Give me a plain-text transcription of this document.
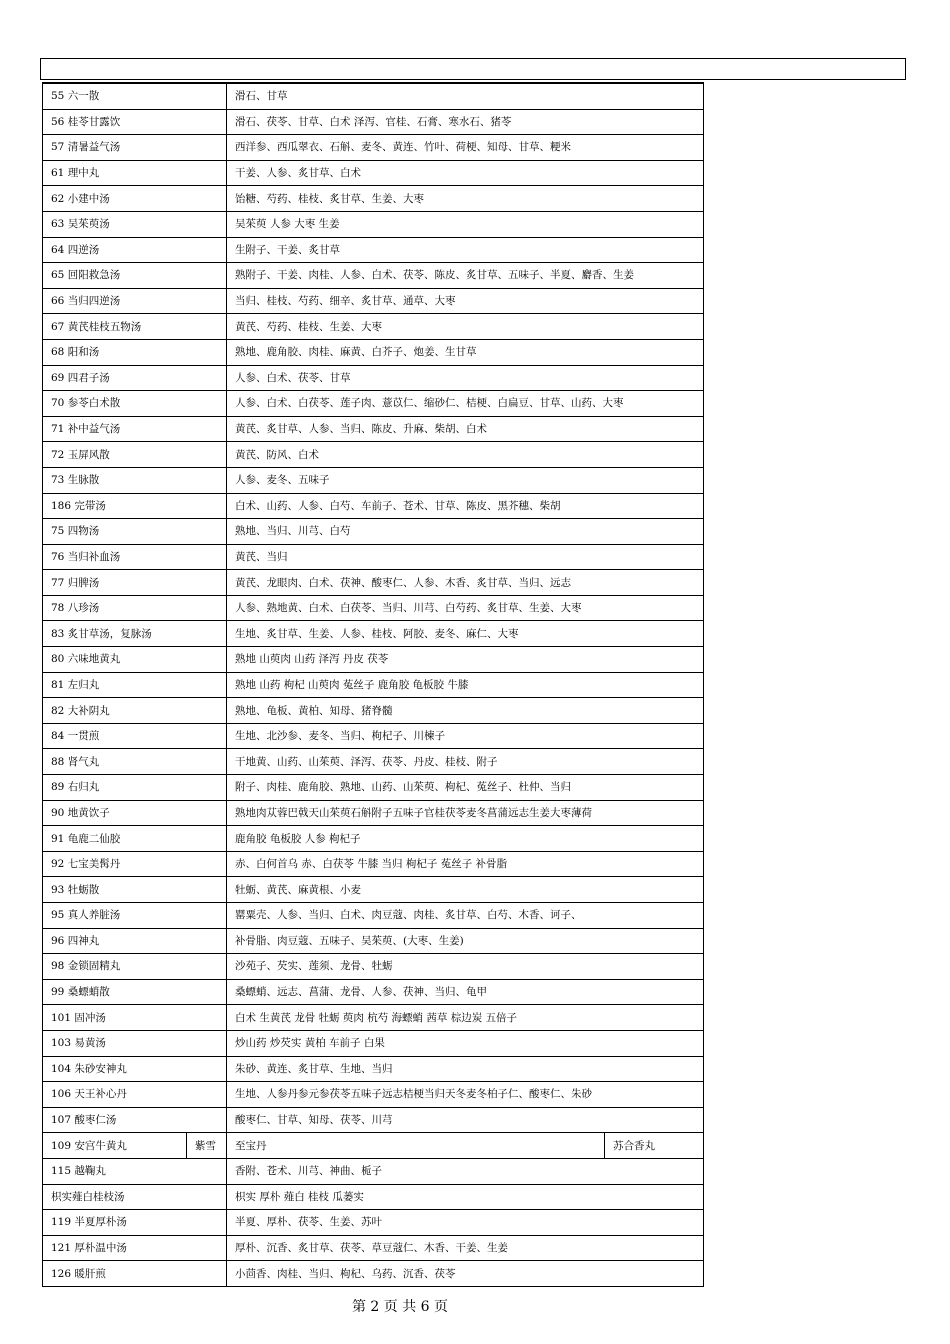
55 六一散		滑石、甘草	
56 桂苓甘露饮		滑石、茯苓、甘草、白术 泽泻、官桂、石膏、寒水石、猪苓	
57 清暑益气汤		西洋参、西瓜翠衣、石斛、麦冬、黄连、竹叶、荷梗、知母、甘草、粳米	
61 理中丸		干姜、人参、炙甘草、白术	
62 小建中汤		饴糖、芍药、桂枝、炙甘草、生姜、大枣	
63 吴茱萸汤		吴茱萸 人参 大枣 生姜	
64 四逆汤		生附子、干姜、炙甘草	
65 回阳救急汤		熟附子、干姜、肉桂、人参、白术、茯苓、陈皮、炙甘草、五味子、半夏、麝香、生姜	
66 当归四逆汤		当归、桂枝、芍药、细辛、炙甘草、通草、大枣	
67 黄芪桂枝五物汤		黄芪、芍药、桂枝、生姜、大枣	
68 阳和汤		熟地、鹿角胶、肉桂、麻黄、白芥子、炮姜、生甘草	
69 四君子汤		人参、白术、茯苓、甘草	
70 参苓白术散		人参、白术、白茯苓、莲子肉、薏苡仁、缩砂仁、桔梗、白扁豆、甘草、山药、大枣	
71 补中益气汤		黄芪、炙甘草、人参、当归、陈皮、升麻、柴胡、白术	
72 玉屏风散		黄芪、防风、白术	
73 生脉散		人参、麦冬、五味子	
186 完带汤		白术、山药、人参、白芍、车前子、苍术、甘草、陈皮、黑芥穗、柴胡	
75 四物汤		熟地、当归、川芎、白芍	
76 当归补血汤		黄芪、当归	
77 归脾汤		黄芪、龙眼肉、白术、茯神、酸枣仁、人参、木香、炙甘草、当归、远志	
78 八珍汤		人参、熟地黄、白术、白茯苓、当归、川芎、白芍药、炙甘草、生姜、大枣	
83 炙甘草汤，复脉汤		生地、炙甘草、生姜、人参、桂枝、阿胶、麦冬、麻仁、大枣	
80 六味地黄丸		熟地 山萸肉 山药 泽泻 丹皮 茯苓	
81 左归丸		熟地 山药 枸杞 山萸肉 菟丝子 鹿角胶 龟板胶 牛膝	
82 大补阴丸		熟地、龟板、黄柏、知母、猪脊髓	
84 一贯煎		生地、北沙参、麦冬、当归、枸杞子、川楝子	
88 肾气丸		干地黄、山药、山茱萸、泽泻、茯苓、丹皮、桂枝、附子	
89 右归丸		附子、肉桂、鹿角胶、熟地、山药、山茱萸、枸杞、菟丝子、杜仲、当归	
90 地黄饮子		熟地肉苁蓉巴戟天山茱萸石斛附子五味子官桂茯苓麦冬菖蒲远志生姜大枣薄荷	
91 龟鹿二仙胶		鹿角胶 龟板胶 人参 枸杞子	
92 七宝美髯丹		赤、白何首乌 赤、白茯苓 牛膝 当归 枸杞子 菟丝子 补骨脂	
93 牡蛎散		牡蛎、黄芪、麻黄根、小麦	
95 真人养脏汤		罂粟壳、人参、当归、白术、肉豆蔻、肉桂、炙甘草、白芍、木香、诃子、	
96 四神丸		补骨脂、肉豆蔻、五味子、吴茱萸、(大枣、生姜)	
98 金锁固精丸		沙苑子、芡实、莲须、龙骨、牡蛎	
99 桑螵蛸散		桑螵蛸、远志、菖蒲、龙骨、人参、茯神、当归、龟甲	
101 固冲汤		白术 生黄芪 龙骨 牡蛎 萸肉 杭芍 海螵蛸 茜草 棕边炭 五倍子	
103 易黄汤		炒山药 炒芡实 黄柏 车前子 白果	
104 朱砂安神丸		朱砂、黄连、炙甘草、生地、当归	
106 天王补心丹		生地、人参丹参元参茯苓五味子远志桔梗当归天冬麦冬柏子仁、酸枣仁、朱砂	
107 酸枣仁汤		酸枣仁、甘草、知母、茯苓、川芎	
109 安宫牛黄丸	紫雪	至宝丹	苏合香丸
115 越鞠丸		香附、苍术、川芎、神曲、栀子	
枳实薤白桂枝汤		枳实 厚朴 薤白 桂枝 瓜蒌实	
119 半夏厚朴汤		半夏、厚朴、茯苓、生姜、苏叶	
121 厚朴温中汤		厚朴、沉香、炙甘草、茯苓、草豆蔻仁、木香、干姜、生姜	
126 暖肝煎		小茴香、肉桂、当归、枸杞、乌药、沉香、茯苓	
第 2 页 共 6 页
